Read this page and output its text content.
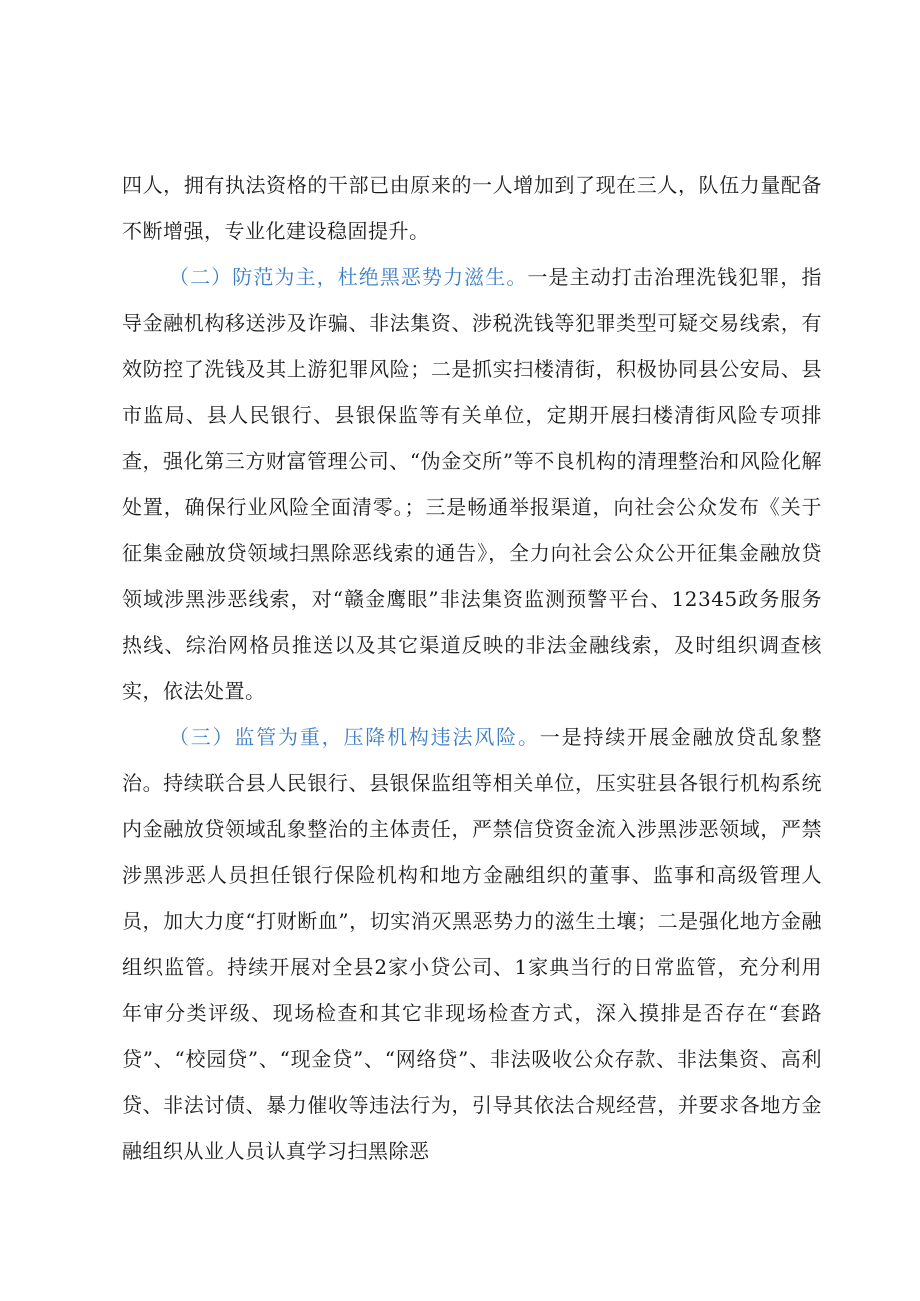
四人，拥有执法资格的干部已由原来的一人增加到了现在三人，队伍力量配备不断增强，专业化建设稳固提升。

（二）防范为主，杜绝黑恶势力滋生。一是主动打击治理洗钱犯罪，指导金融机构移送涉及诈骗、非法集资、涉税洗钱等犯罪类型可疑交易线索，有效防控了洗钱及其上游犯罪风险；二是抓实扫楼清街，积极协同县公安局、县市监局、县人民银行、县银保监等有关单位，定期开展扫楼清街风险专项排查，强化第三方财富管理公司、“伪金交所”等不良机构的清理整治和风险化解处置，确保行业风险全面清零。；三是畅通举报渠道，向社会公众发布《关于征集金融放贷领域扫黑除恶线索的通告》，全力向社会公众公开征集金融放贷领域涉黑涉恶线索，对“赣金鹰眼”非法集资监测预警平台、12345政务服务热线、综治网格员推送以及其它渠道反映的非法金融线索，及时组织调查核实，依法处置。

（三）监管为重，压降机构违法风险。一是持续开展金融放贷乱象整治。持续联合县人民银行、县银保监组等相关单位，压实驻县各银行机构系统内金融放贷领域乱象整治的主体责任，严禁信贷资金流入涉黑涉恶领域，严禁涉黑涉恶人员担任银行保险机构和地方金融组织的董事、监事和高级管理人员，加大力度“打财断血”，切实消灭黑恶势力的滋生土壤；二是强化地方金融组织监管。持续开展对全县2家小贷公司、1家典当行的日常监管，充分利用年审分类评级、现场检查和其它非现场检查方式，深入摸排是否存在“套路贷”、“校园贷”、“现金贷”、“网络贷”、非法吸收公众存款、非法集资、高利贷、非法讨债、暴力催收等违法行为，引导其依法合规经营，并要求各地方金融组织从业人员认真学习扫黑除恶
